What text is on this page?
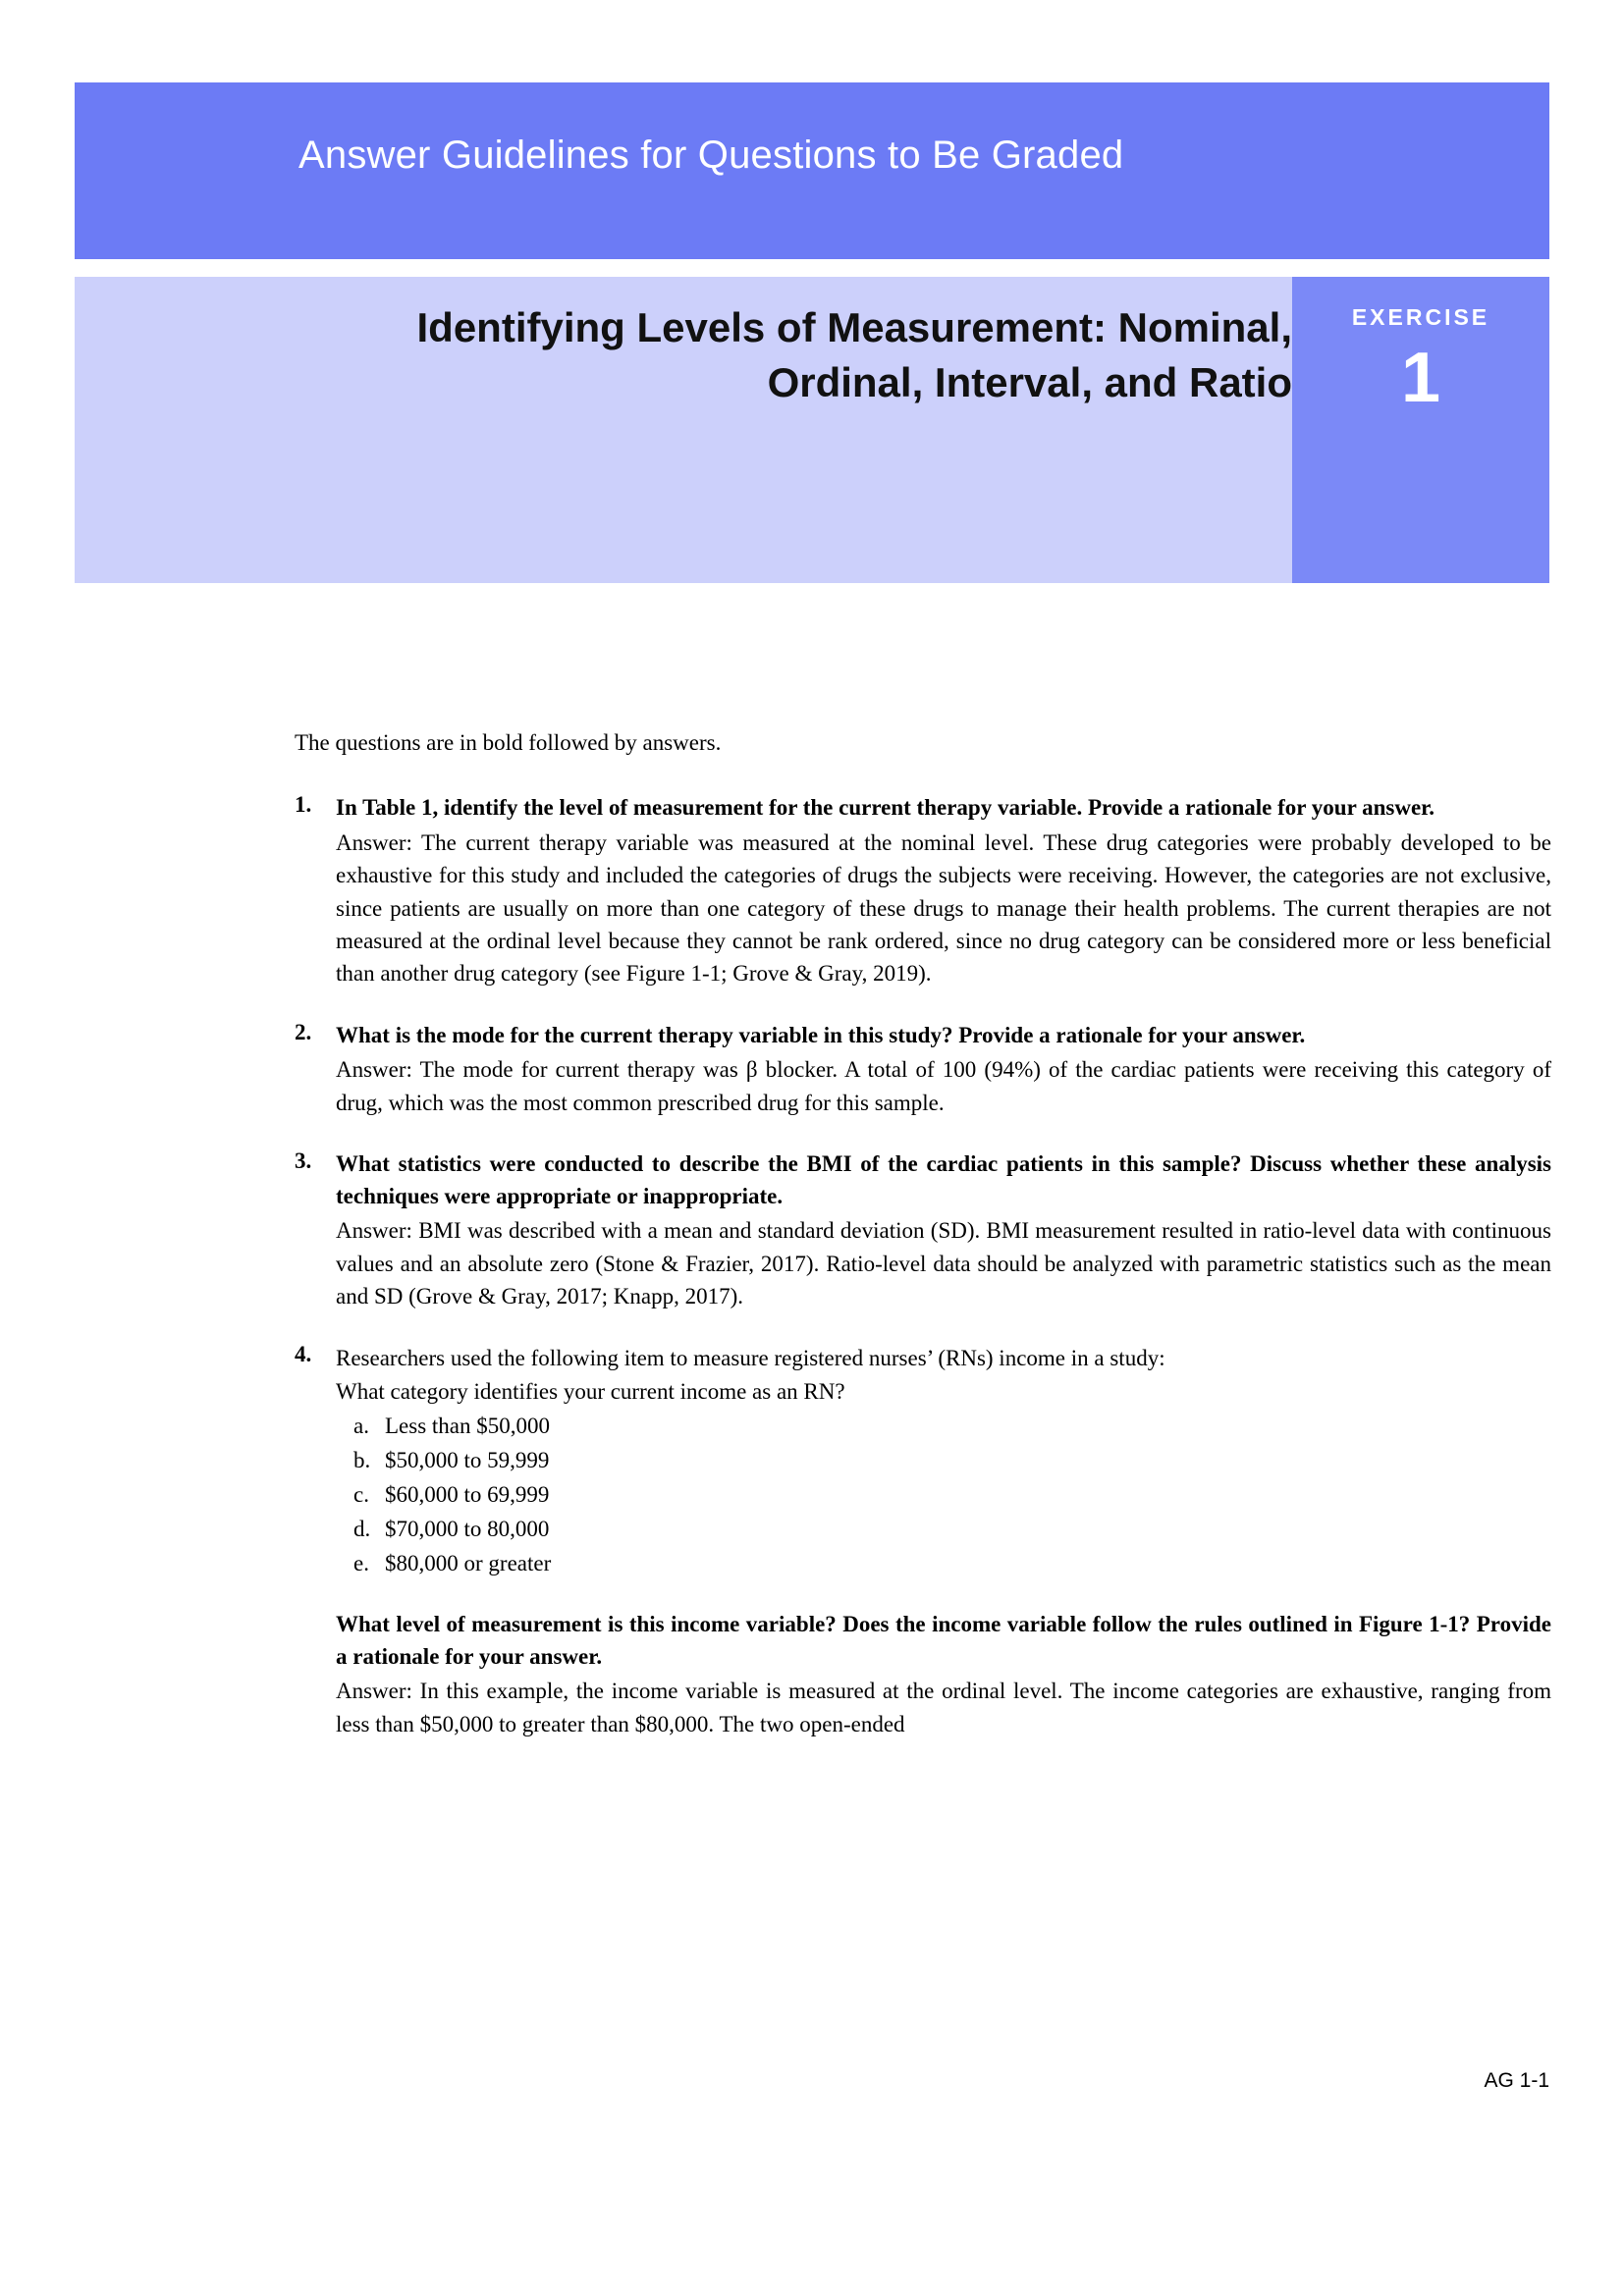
Answer Guidelines for Questions to Be Graded
Identifying Levels of Measurement: Nominal, Ordinal, Interval, and Ratio
EXERCISE
1
The questions are in bold followed by answers.
1. In Table 1, identify the level of measurement for the current therapy variable. Provide a rationale for your answer.
Answer: The current therapy variable was measured at the nominal level. These drug categories were probably developed to be exhaustive for this study and included the categories of drugs the subjects were receiving. However, the categories are not exclusive, since patients are usually on more than one category of these drugs to manage their health problems. The current therapies are not measured at the ordinal level because they cannot be rank ordered, since no drug category can be considered more or less beneficial than another drug category (see Figure 1-1; Grove & Gray, 2019).
2. What is the mode for the current therapy variable in this study? Provide a rationale for your answer.
Answer: The mode for current therapy was β blocker. A total of 100 (94%) of the cardiac patients were receiving this category of drug, which was the most common prescribed drug for this sample.
3. What statistics were conducted to describe the BMI of the cardiac patients in this sample? Discuss whether these analysis techniques were appropriate or inappropriate.
Answer: BMI was described with a mean and standard deviation (SD). BMI measurement resulted in ratio-level data with continuous values and an absolute zero (Stone & Frazier, 2017). Ratio-level data should be analyzed with parametric statistics such as the mean and SD (Grove & Gray, 2017; Knapp, 2017).
4. Researchers used the following item to measure registered nurses’ (RNs) income in a study:
What category identifies your current income as an RN?
a. Less than $50,000
b. $50,000 to 59,999
c. $60,000 to 69,999
d. $70,000 to 80,000
e. $80,000 or greater
What level of measurement is this income variable? Does the income variable follow the rules outlined in Figure 1-1? Provide a rationale for your answer.
Answer: In this example, the income variable is measured at the ordinal level. The income categories are exhaustive, ranging from less than $50,000 to greater than $80,000. The two open-ended
AG 1-1
